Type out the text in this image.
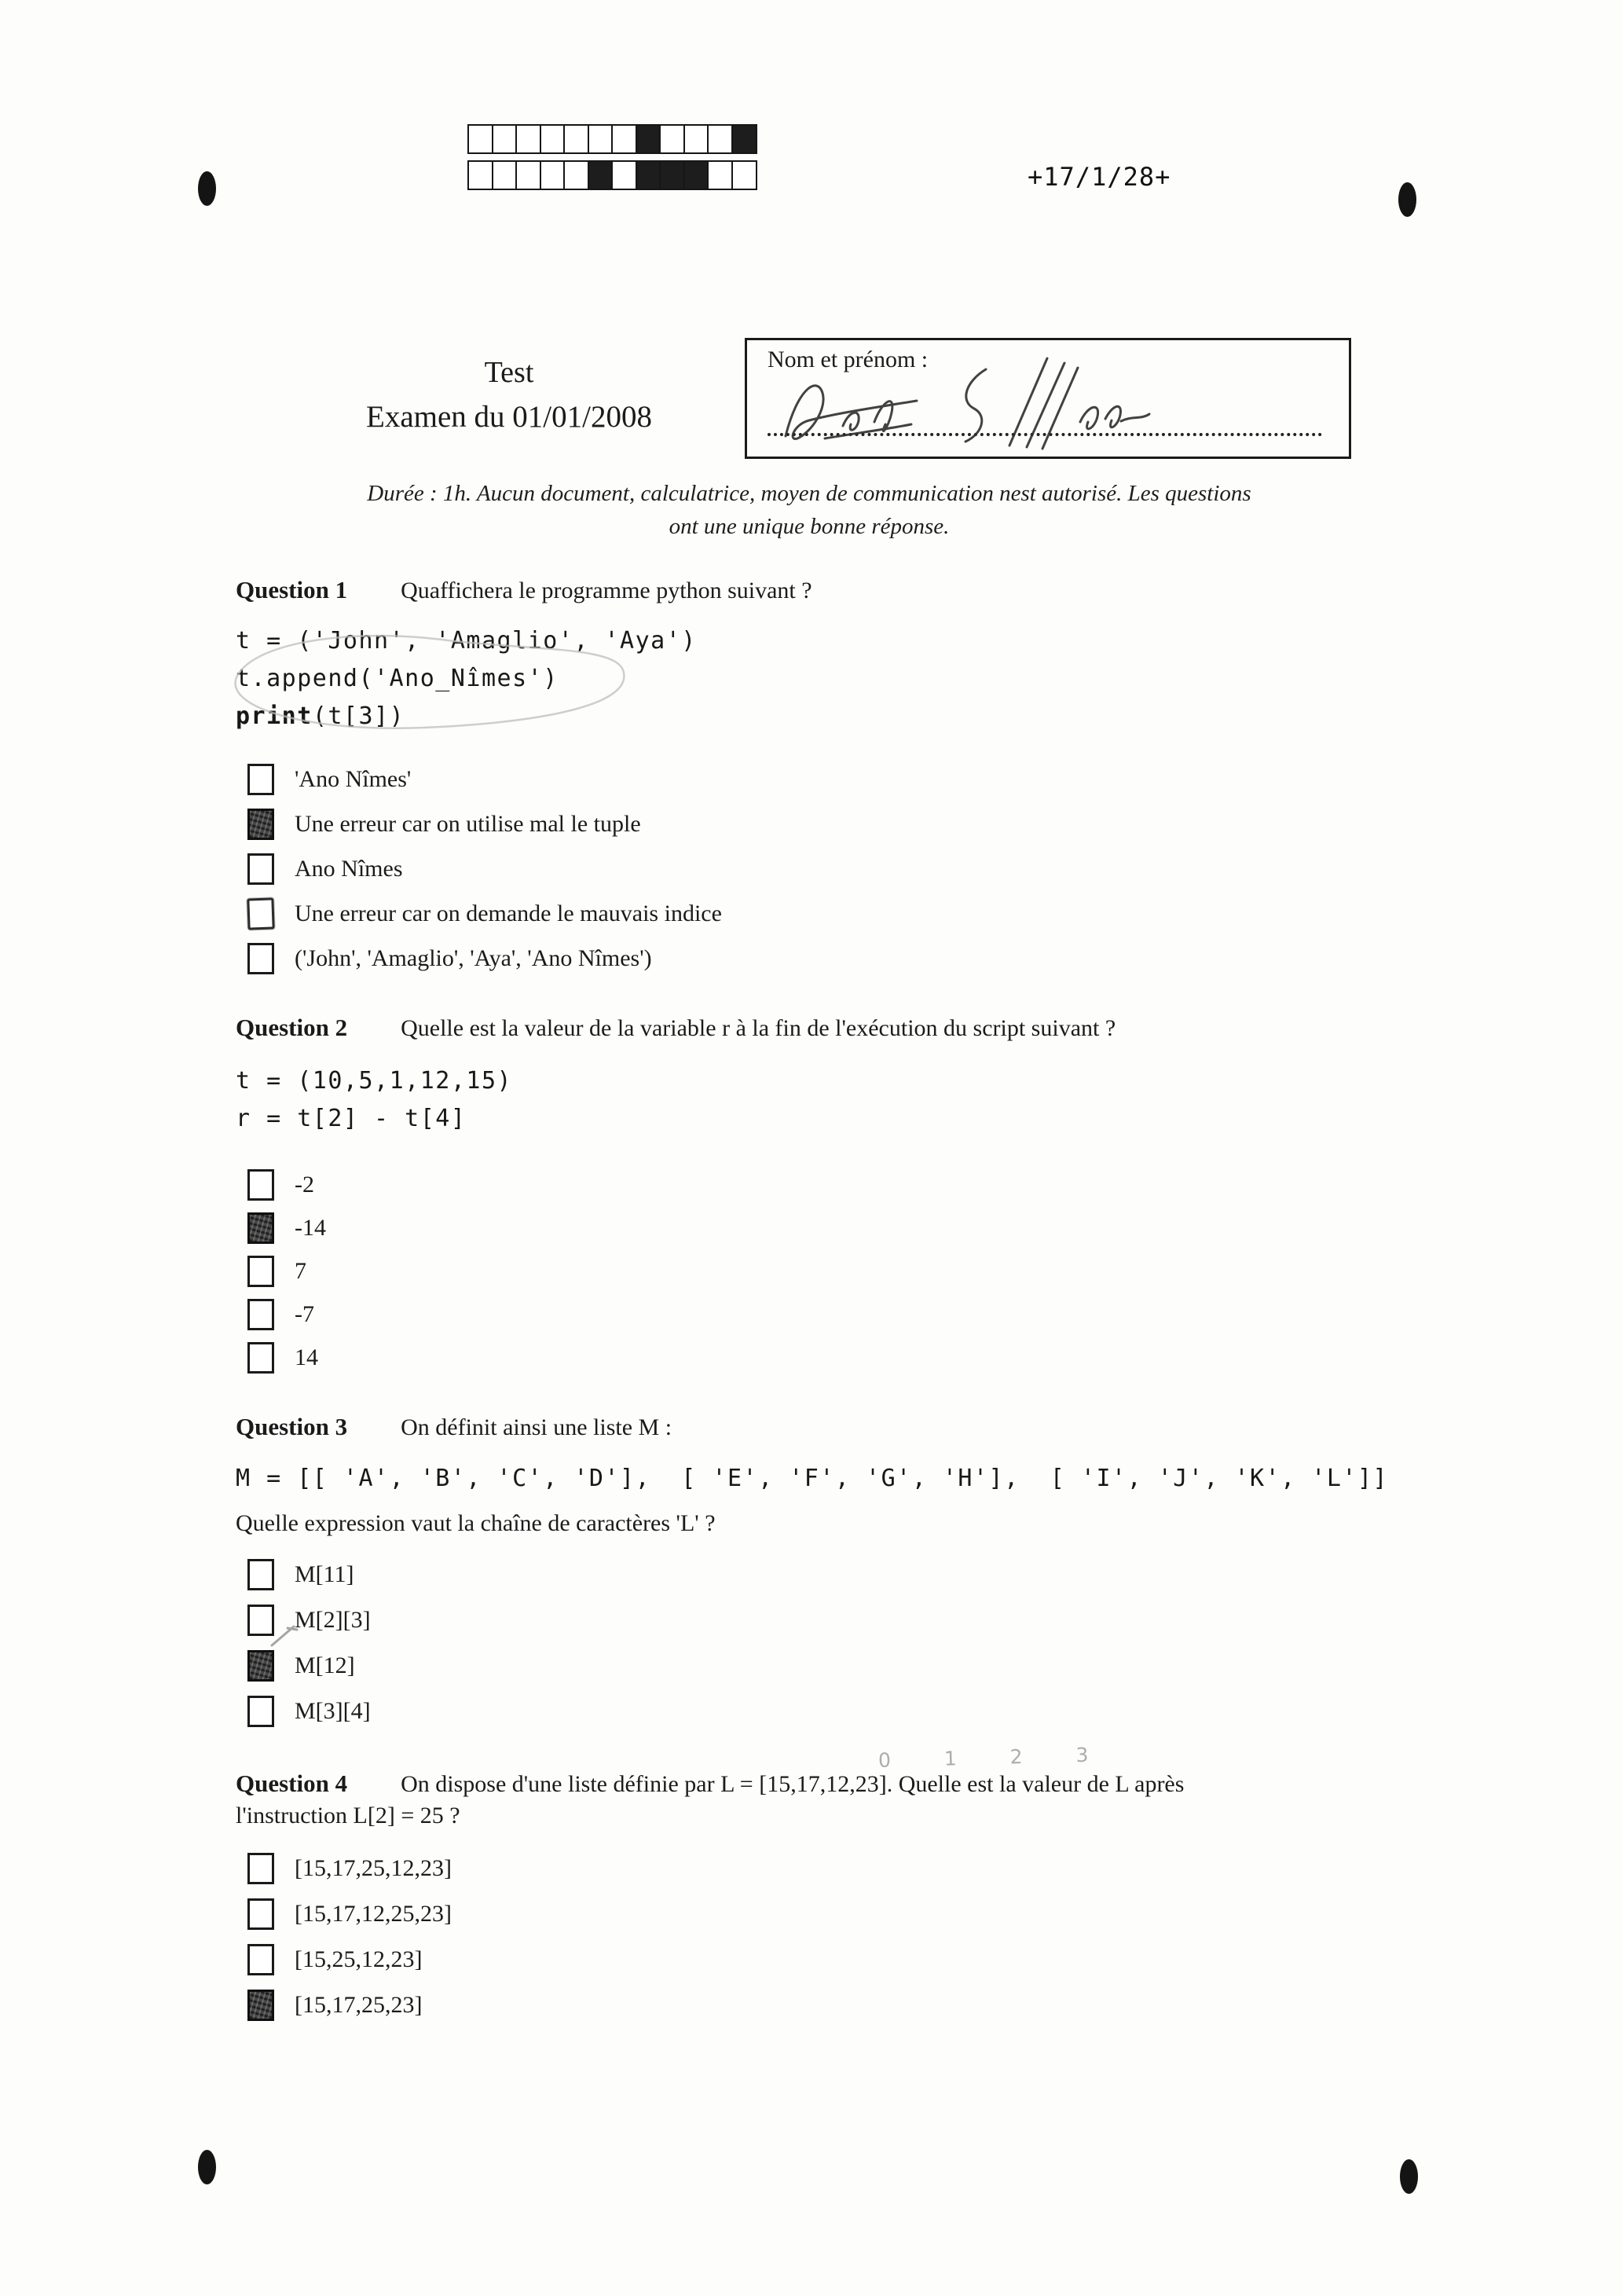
+17/1/28+
Test
Examen du 01/01/2008
Nom et prénom :
Durée : 1h. Aucun document, calculatrice, moyen de communication nest autorisé. Les questions
ont une unique bonne réponse.
Question 1 Quaffichera le programme python suivant ?
t = ('John', 'Amaglio', 'Aya')
t.append('Ano_Nîmes')
print(t[3])
'Ano Nîmes'
Une erreur car on utilise mal le tuple
Ano Nîmes
Une erreur car on demande le mauvais indice
('John', 'Amaglio', 'Aya', 'Ano Nîmes')
Question 2 Quelle est la valeur de la variable r à la fin de l'exécution du script suivant ?
t = (10,5,1,12,15)
r = t[2] - t[4]
-2
-14
7
-7
14
Question 3 On définit ainsi une liste M :
M = [[ 'A', 'B', 'C', 'D'],  [ 'E', 'F', 'G', 'H'],  [ 'I', 'J', 'K', 'L']]
Quelle expression vaut la chaîne de caractères 'L' ?
M[11]
M[2][3]
M[12]
M[3][4]
Question 4 On dispose d'une liste définie par L = [15,17,12,23]. Quelle est la valeur de L après
l'instruction L[2] = 25 ?
0 1 2 3
[15,17,25,12,23]
[15,17,12,25,23]
[15,25,12,23]
[15,17,25,23]
